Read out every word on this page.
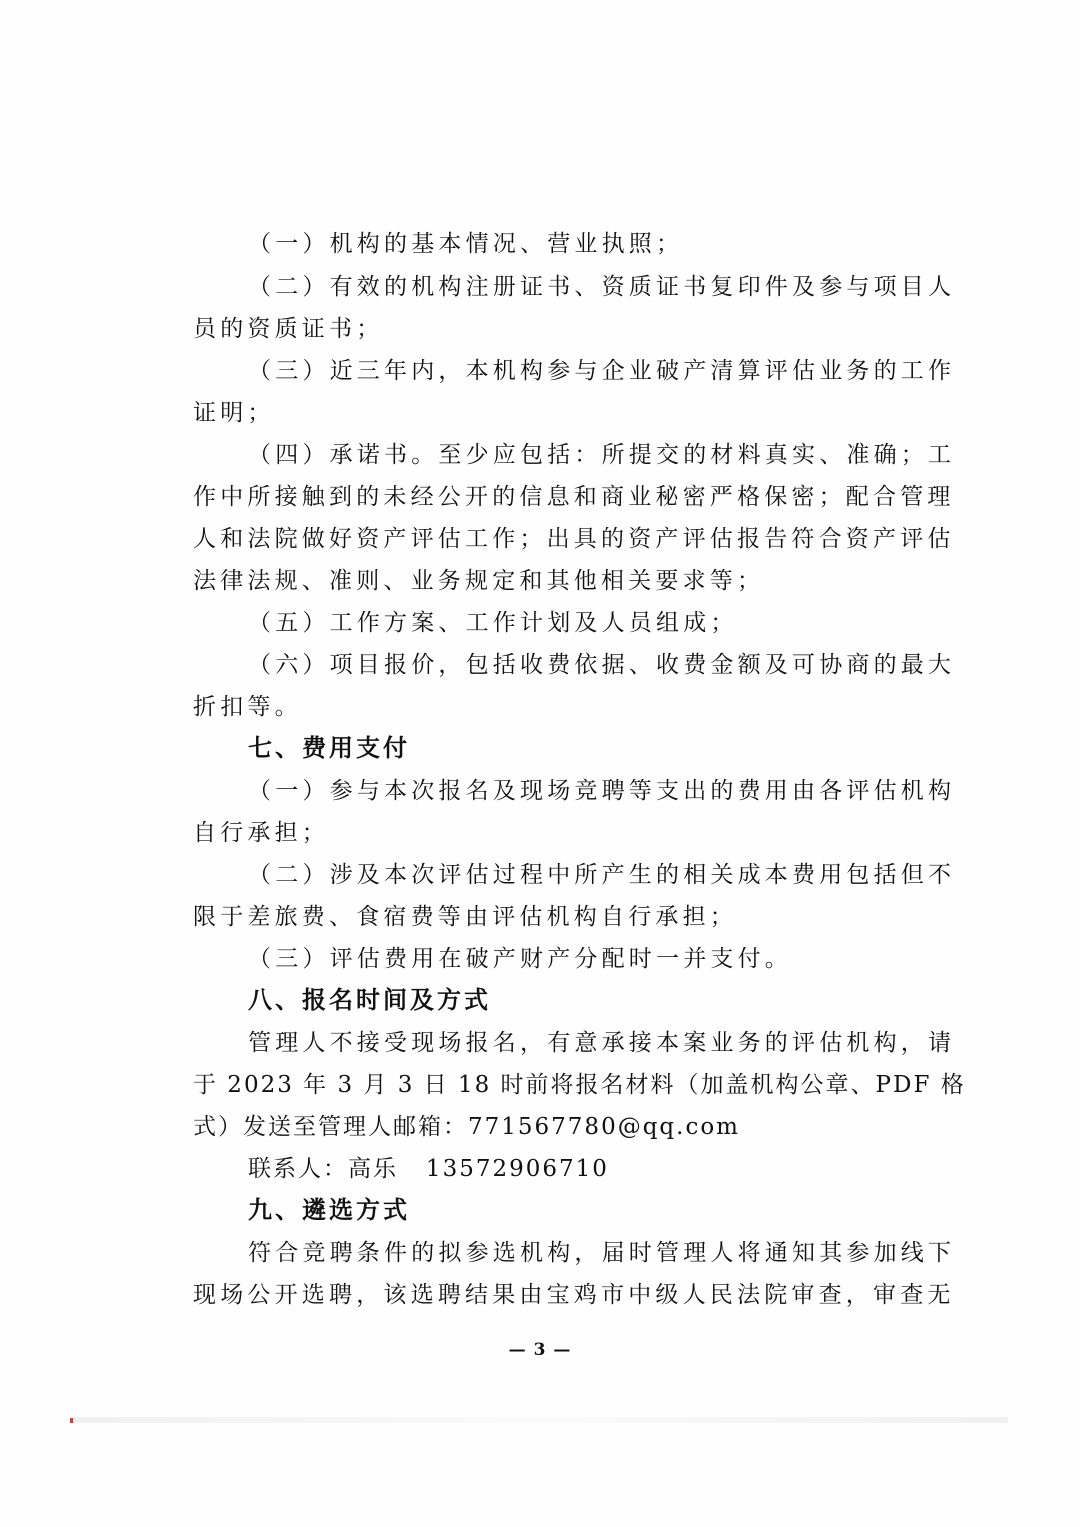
（一）机构的基本情况、营业执照；
（二）有效的机构注册证书、资质证书复印件及参与项目人
员的资质证书；
（三）近三年内，本机构参与企业破产清算评估业务的工作
证明；
（四）承诺书。至少应包括：所提交的材料真实、准确；工
作中所接触到的未经公开的信息和商业秘密严格保密；配合管理
人和法院做好资产评估工作；出具的资产评估报告符合资产评估
法律法规、准则、业务规定和其他相关要求等；
（五）工作方案、工作计划及人员组成；
（六）项目报价，包括收费依据、收费金额及可协商的最大
折扣等。
七、费用支付
（一）参与本次报名及现场竞聘等支出的费用由各评估机构
自行承担；
（二）涉及本次评估过程中所产生的相关成本费用包括但不
限于差旅费、食宿费等由评估机构自行承担；
（三）评估费用在破产财产分配时一并支付。
八、报名时间及方式
管理人不接受现场报名，有意承接本案业务的评估机构，请
于 2023 年 3 月 3 日 18 时前将报名材料（加盖机构公章、PDF 格
式）发送至管理人邮箱：771567780@qq.com
联系人：高乐   13572906710
九、遴选方式
符合竞聘条件的拟参选机构，届时管理人将通知其参加线下
现场公开选聘，该选聘结果由宝鸡市中级人民法院审查，审查无
— 3 —
